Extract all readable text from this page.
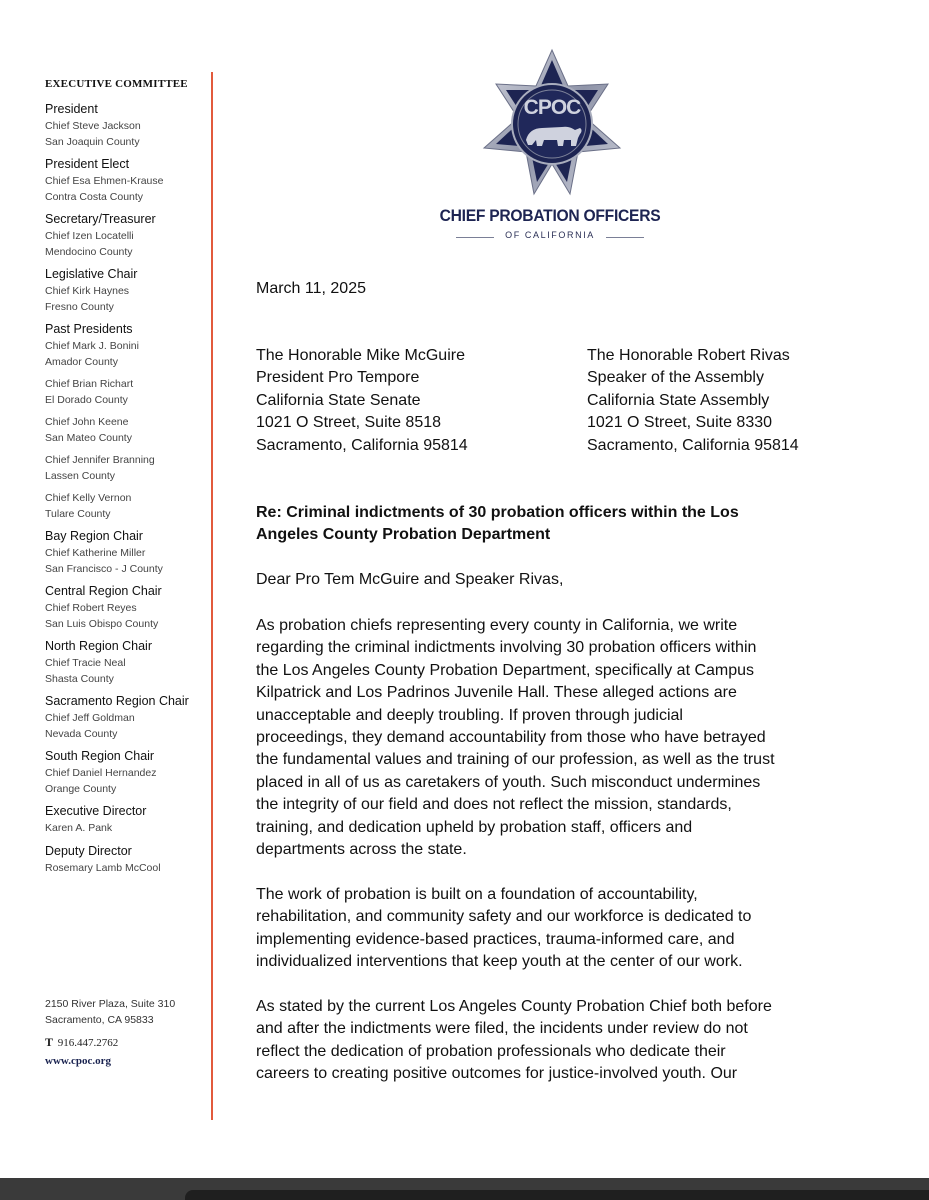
EXECUTIVE COMMITTEE
President
Chief Steve Jackson
San Joaquin County
President Elect
Chief Esa Ehmen-Krause
Contra Costa County
Secretary/Treasurer
Chief Izen Locatelli
Mendocino County
Legislative Chair
Chief Kirk Haynes
Fresno County
Past Presidents
Chief Mark J. Bonini
Amador County
Chief Brian Richart
El Dorado County
Chief John Keene
San Mateo County
Chief Jennifer Branning
Lassen County
Chief Kelly Vernon
Tulare County
Bay Region Chair
Chief Katherine Miller
San Francisco - J County
Central Region Chair
Chief Robert Reyes
San Luis Obispo County
North Region Chair
Chief Tracie Neal
Shasta County
Sacramento Region Chair
Chief Jeff Goldman
Nevada County
South Region Chair
Chief Daniel Hernandez
Orange County
Executive Director
Karen A. Pank
Deputy Director
Rosemary Lamb McCool
2150 River Plaza, Suite 310
Sacramento, CA 95833
T 916.447.2762
www.cpoc.org
CPOC
CHIEF PROBATION OFFICERS
OF CALIFORNIA
March 11, 2025
The Honorable Mike McGuire
President Pro Tempore
California State Senate
1021 O Street, Suite 8518
Sacramento, California 95814
The Honorable Robert Rivas
Speaker of the Assembly
California State Assembly
1021 O Street, Suite 8330
Sacramento, California 95814
Re: Criminal indictments of 30 probation officers within the Los
Angeles County Probation Department
Dear Pro Tem McGuire and Speaker Rivas,
As probation chiefs representing every county in California, we write
regarding the criminal indictments involving 30 probation officers within
the Los Angeles County Probation Department, specifically at Campus
Kilpatrick and Los Padrinos Juvenile Hall. These alleged actions are
unacceptable and deeply troubling. If proven through judicial
proceedings, they demand accountability from those who have betrayed
the fundamental values and training of our profession, as well as the trust
placed in all of us as caretakers of youth. Such misconduct undermines
the integrity of our field and does not reflect the mission, standards,
training, and dedication upheld by probation staff, officers and
departments across the state.
The work of probation is built on a foundation of accountability,
rehabilitation, and community safety and our workforce is dedicated to
implementing evidence-based practices, trauma-informed care, and
individualized interventions that keep youth at the center of our work.
As stated by the current Los Angeles County Probation Chief both before
and after the indictments were filed, the incidents under review do not
reflect the dedication of probation professionals who dedicate their
careers to creating positive outcomes for justice-involved youth. Our
